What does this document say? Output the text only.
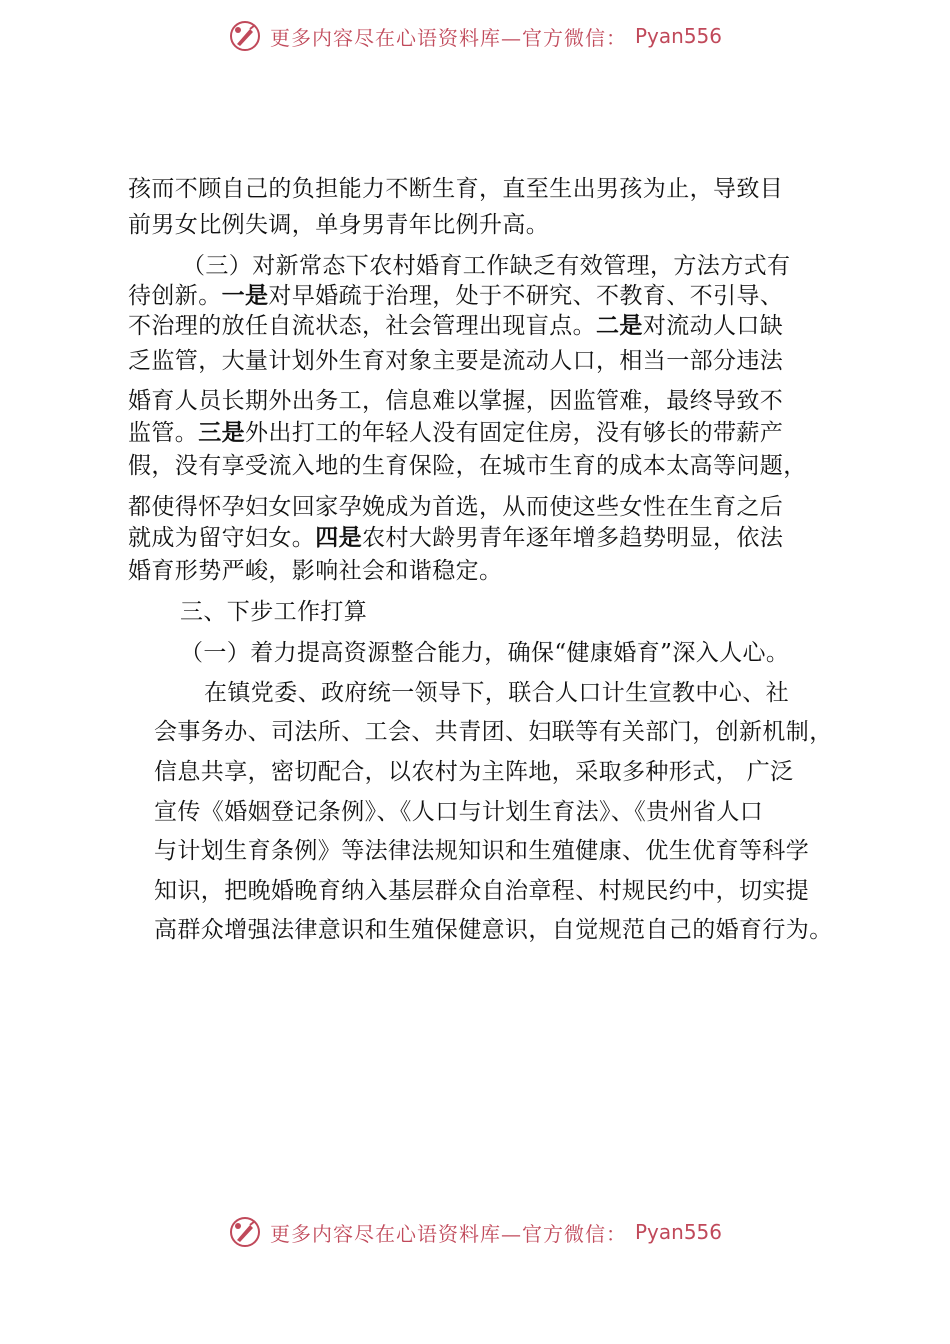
更多内容尽在心语资料库—官方微信： Pyan556
孩而不顾自己的负担能力不断生育，直至生出男孩为止，导致目
前男女比例失调，单身男青年比例升高。
（三）对新常态下农村婚育工作缺乏有效管理，方法方式有
待创新。一是对早婚疏于治理，处于不研究、不教育、不引导、
不治理的放任自流状态，社会管理出现盲点。二是对流动人口缺
乏监管，大量计划外生育对象主要是流动人口，相当一部分违法
婚育人员长期外出务工，信息难以掌握，因监管难，最终导致不
监管。三是外出打工的年轻人没有固定住房，没有够长的带薪产
假，没有享受流入地的生育保险，在城市生育的成本太高等问题，
都使得怀孕妇女回家孕娩成为首选，从而使这些女性在生育之后
就成为留守妇女。四是农村大龄男青年逐年增多趋势明显，依法
婚育形势严峻，影响社会和谐稳定。
三、下步工作打算
（一）着力提高资源整合能力，确保“健康婚育”深入人心。
在镇党委、政府统一领导下，联合人口计生宣教中心、社
会事务办、司法所、工会、共青团、妇联等有关部门，创新机制，
信息共享，密切配合，以农村为主阵地，采取多种形式， 广泛
宣传《婚姻登记条例》、《人口与计划生育法》、《贵州省人口
与计划生育条例》等法律法规知识和生殖健康、优生优育等科学
知识，把晚婚晚育纳入基层群众自治章程、村规民约中，切实提
高群众增强法律意识和生殖保健意识，自觉规范自己的婚育行为。
更多内容尽在心语资料库—官方微信： Pyan556
